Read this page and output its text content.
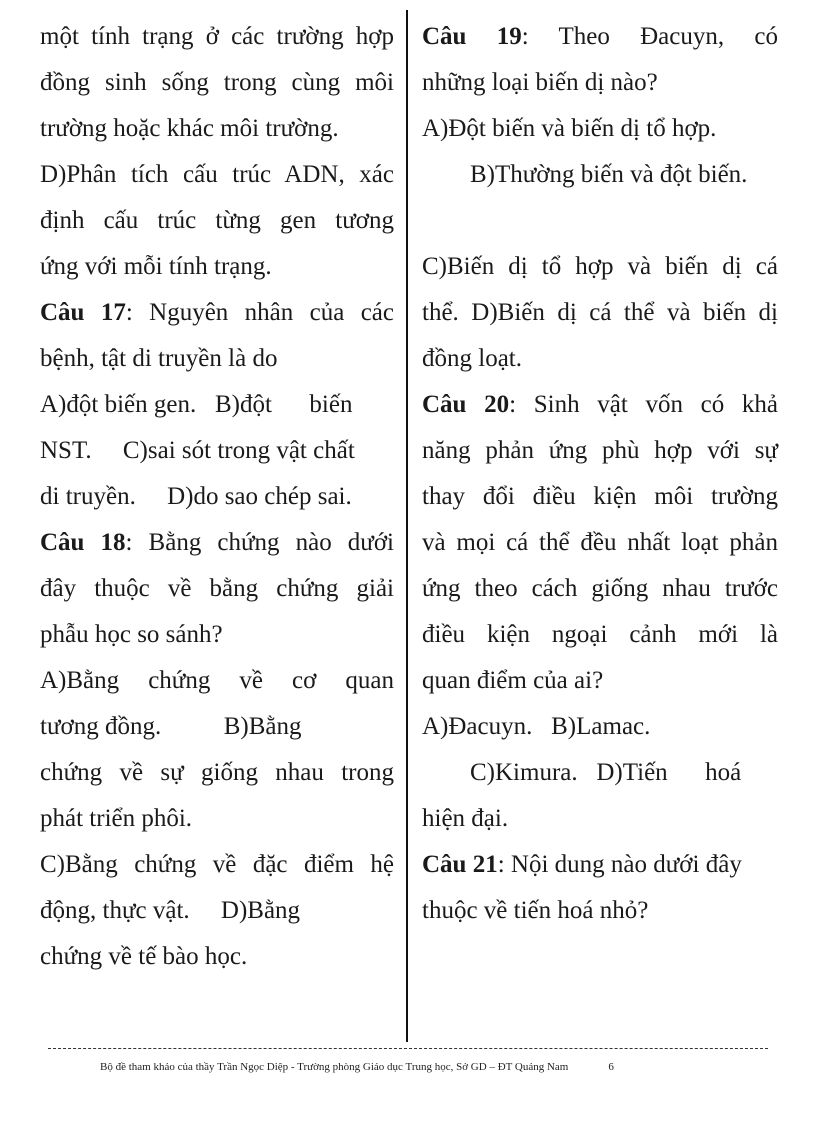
một tính trạng ở các trường hợp
đồng sinh sống trong cùng môi
trường hoặc khác môi trường.
D)Phân tích cấu trúc ADN, xác
định cấu trúc từng gen tương
ứng với mỗi tính trạng.
Câu 17: Nguyên nhân của các
bệnh, tật di truyền là do
A)đột biến gen.   B)đột      biến
NST.     C)sai sót trong vật chất
di truyền.     D)do sao chép sai.
Câu 18: Bằng chứng nào dưới
đây thuộc về bằng chứng giải
phẫu học so sánh?
A)Bằng chứng về cơ quan
tương đồng.          B)Bằng
chứng về sự giống nhau trong
phát triển phôi.
C)Bằng chứng về đặc điểm hệ
động, thực vật.     D)Bằng
chứng về tế bào học.
Câu 19: Theo Đacuyn, có
những loại biến dị nào?
A)Đột biến và biến dị tổ hợp.
B)Thường biến và đột biến.

C)Biến dị tổ hợp và biến dị cá
thể. D)Biến dị cá thể và biến dị
đồng loạt.
Câu 20: Sinh vật vốn có khả
năng phản ứng phù hợp với sự
thay đổi điều kiện môi trường
và mọi cá thể đều nhất loạt phản
ứng theo cách giống nhau trước
điều kiện ngoại cảnh mới là
quan điểm của ai?
A)Đacuyn.   B)Lamac.
C)Kimura.   D)Tiến      hoá
hiện đại.
Câu 21: Nội dung nào dưới đây
thuộc về tiến hoá nhỏ?
Bộ đề tham khảo của thầy Trần Ngọc Diệp - Trường phòng Giáo dục Trung học, Sở GD – ĐT Quảng Nam	6
